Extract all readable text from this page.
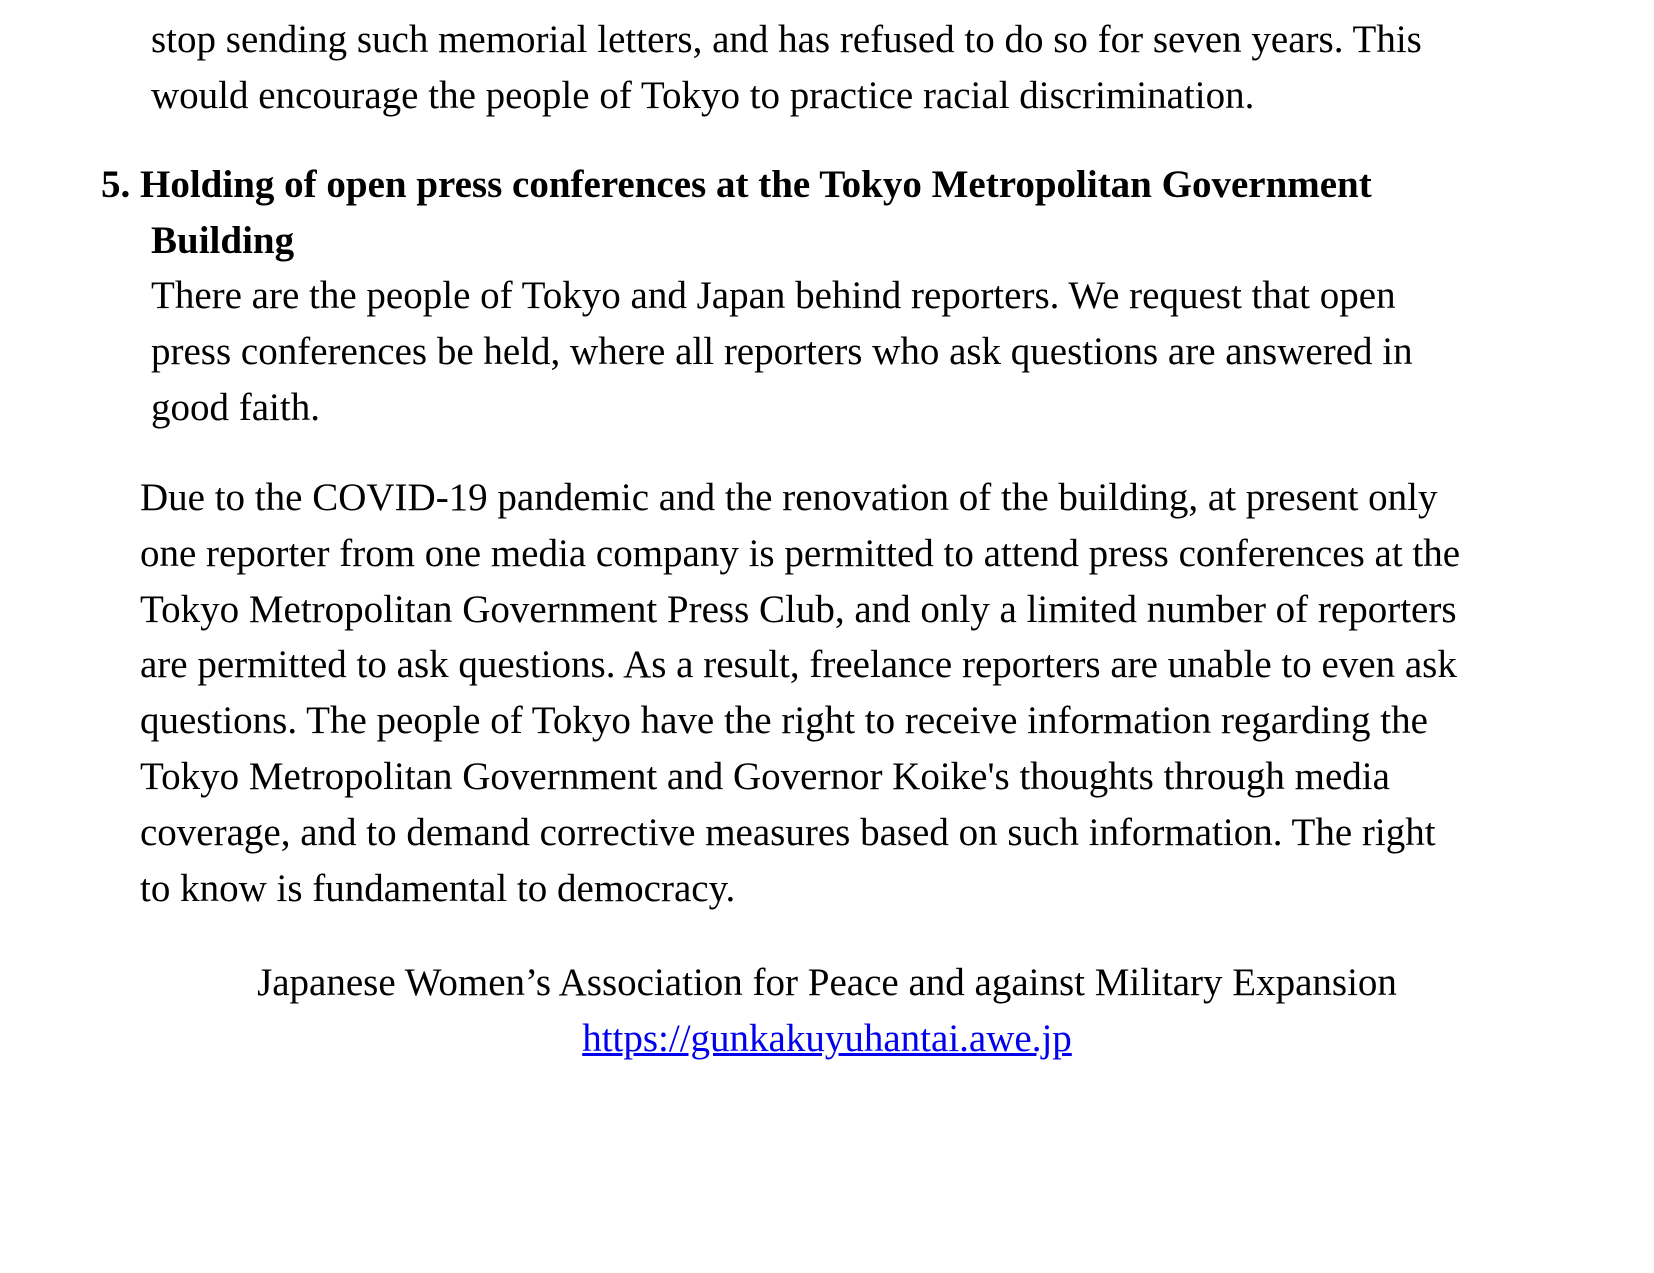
stop sending such memorial letters, and has refused to do so for seven years. This
would encourage the people of Tokyo to practice racial discrimination.
5. Holding of open press conferences at the Tokyo Metropolitan Government
Building
There are the people of Tokyo and Japan behind reporters. We request that open
press conferences be held, where all reporters who ask questions are answered in
good faith.
Due to the COVID-19 pandemic and the renovation of the building, at present only
one reporter from one media company is permitted to attend press conferences at the
Tokyo Metropolitan Government Press Club, and only a limited number of reporters
are permitted to ask questions. As a result, freelance reporters are unable to even ask
questions. The people of Tokyo have the right to receive information regarding the
Tokyo Metropolitan Government and Governor Koike's thoughts through media
coverage, and to demand corrective measures based on such information. The right
to know is fundamental to democracy.
Japanese Women’s Association for Peace and against Military Expansion
https://gunkakuyuhantai.awe.jp
